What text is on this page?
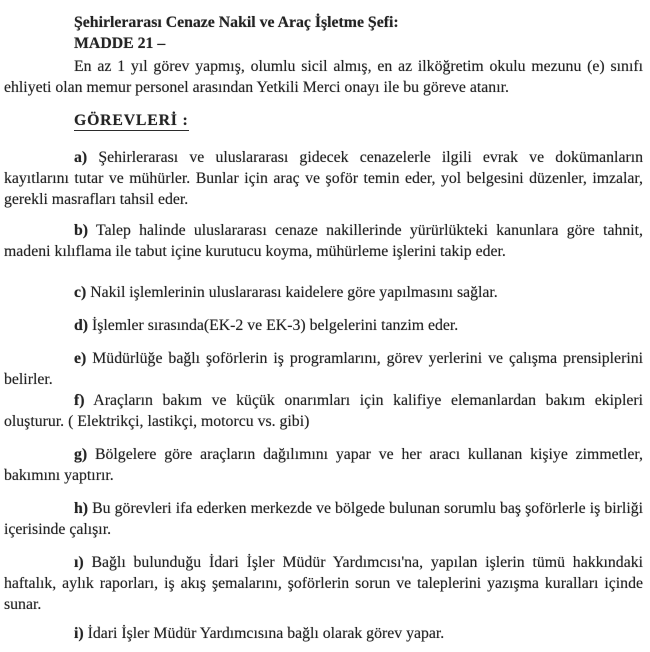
Şehirlerarası Cenaze Nakil ve Araç İşletme Şefi:

MADDE 21 –

En az 1 yıl görev yapmış, olumlu sicil almış, en az ilköğretim okulu mezunu (e) sınıfı ehliyeti olan memur personel arasından Yetkili Merci onayı ile bu göreve atanır.

GÖREVLERİ :

a) Şehirlerarası ve uluslararası gidecek cenazelerle ilgili evrak ve dokümanların kayıtlarını tutar ve mühürler. Bunlar için araç ve şoför temin eder, yol belgesini düzenler, imzalar, gerekli masrafları tahsil eder.

b) Talep halinde uluslararası cenaze nakillerinde yürürlükteki kanunlara göre tahnit, madeni kılıflama ile tabut içine kurutucu koyma, mühürleme işlerini takip eder.

c) Nakil işlemlerinin uluslararası kaidelere göre yapılmasını sağlar.

d) İşlemler sırasında(EK-2 ve EK-3) belgelerini tanzim eder.

e) Müdürlüğe bağlı şoförlerin iş programlarını, görev yerlerini ve çalışma prensiplerini belirler.

f) Araçların bakım ve küçük onarımları için kalifiye elemanlardan bakım ekipleri oluşturur. ( Elektrikçi, lastikçi, motorcu vs. gibi)

g) Bölgelere göre araçların dağılımını yapar ve her aracı kullanan kişiye zimmetler, bakımını yaptırır.

h) Bu görevleri ifa ederken merkezde ve bölgede bulunan sorumlu baş şoförlerle iş birliği içerisinde çalışır.

ı) Bağlı bulunduğu İdari İşler Müdür Yardımcısı'na, yapılan işlerin tümü hakkındaki haftalık, aylık raporları, iş akış şemalarını, şoförlerin sorun ve taleplerini yazışma kuralları içinde sunar.

i) İdari İşler Müdür Yardımcısına bağlı olarak görev yapar.
